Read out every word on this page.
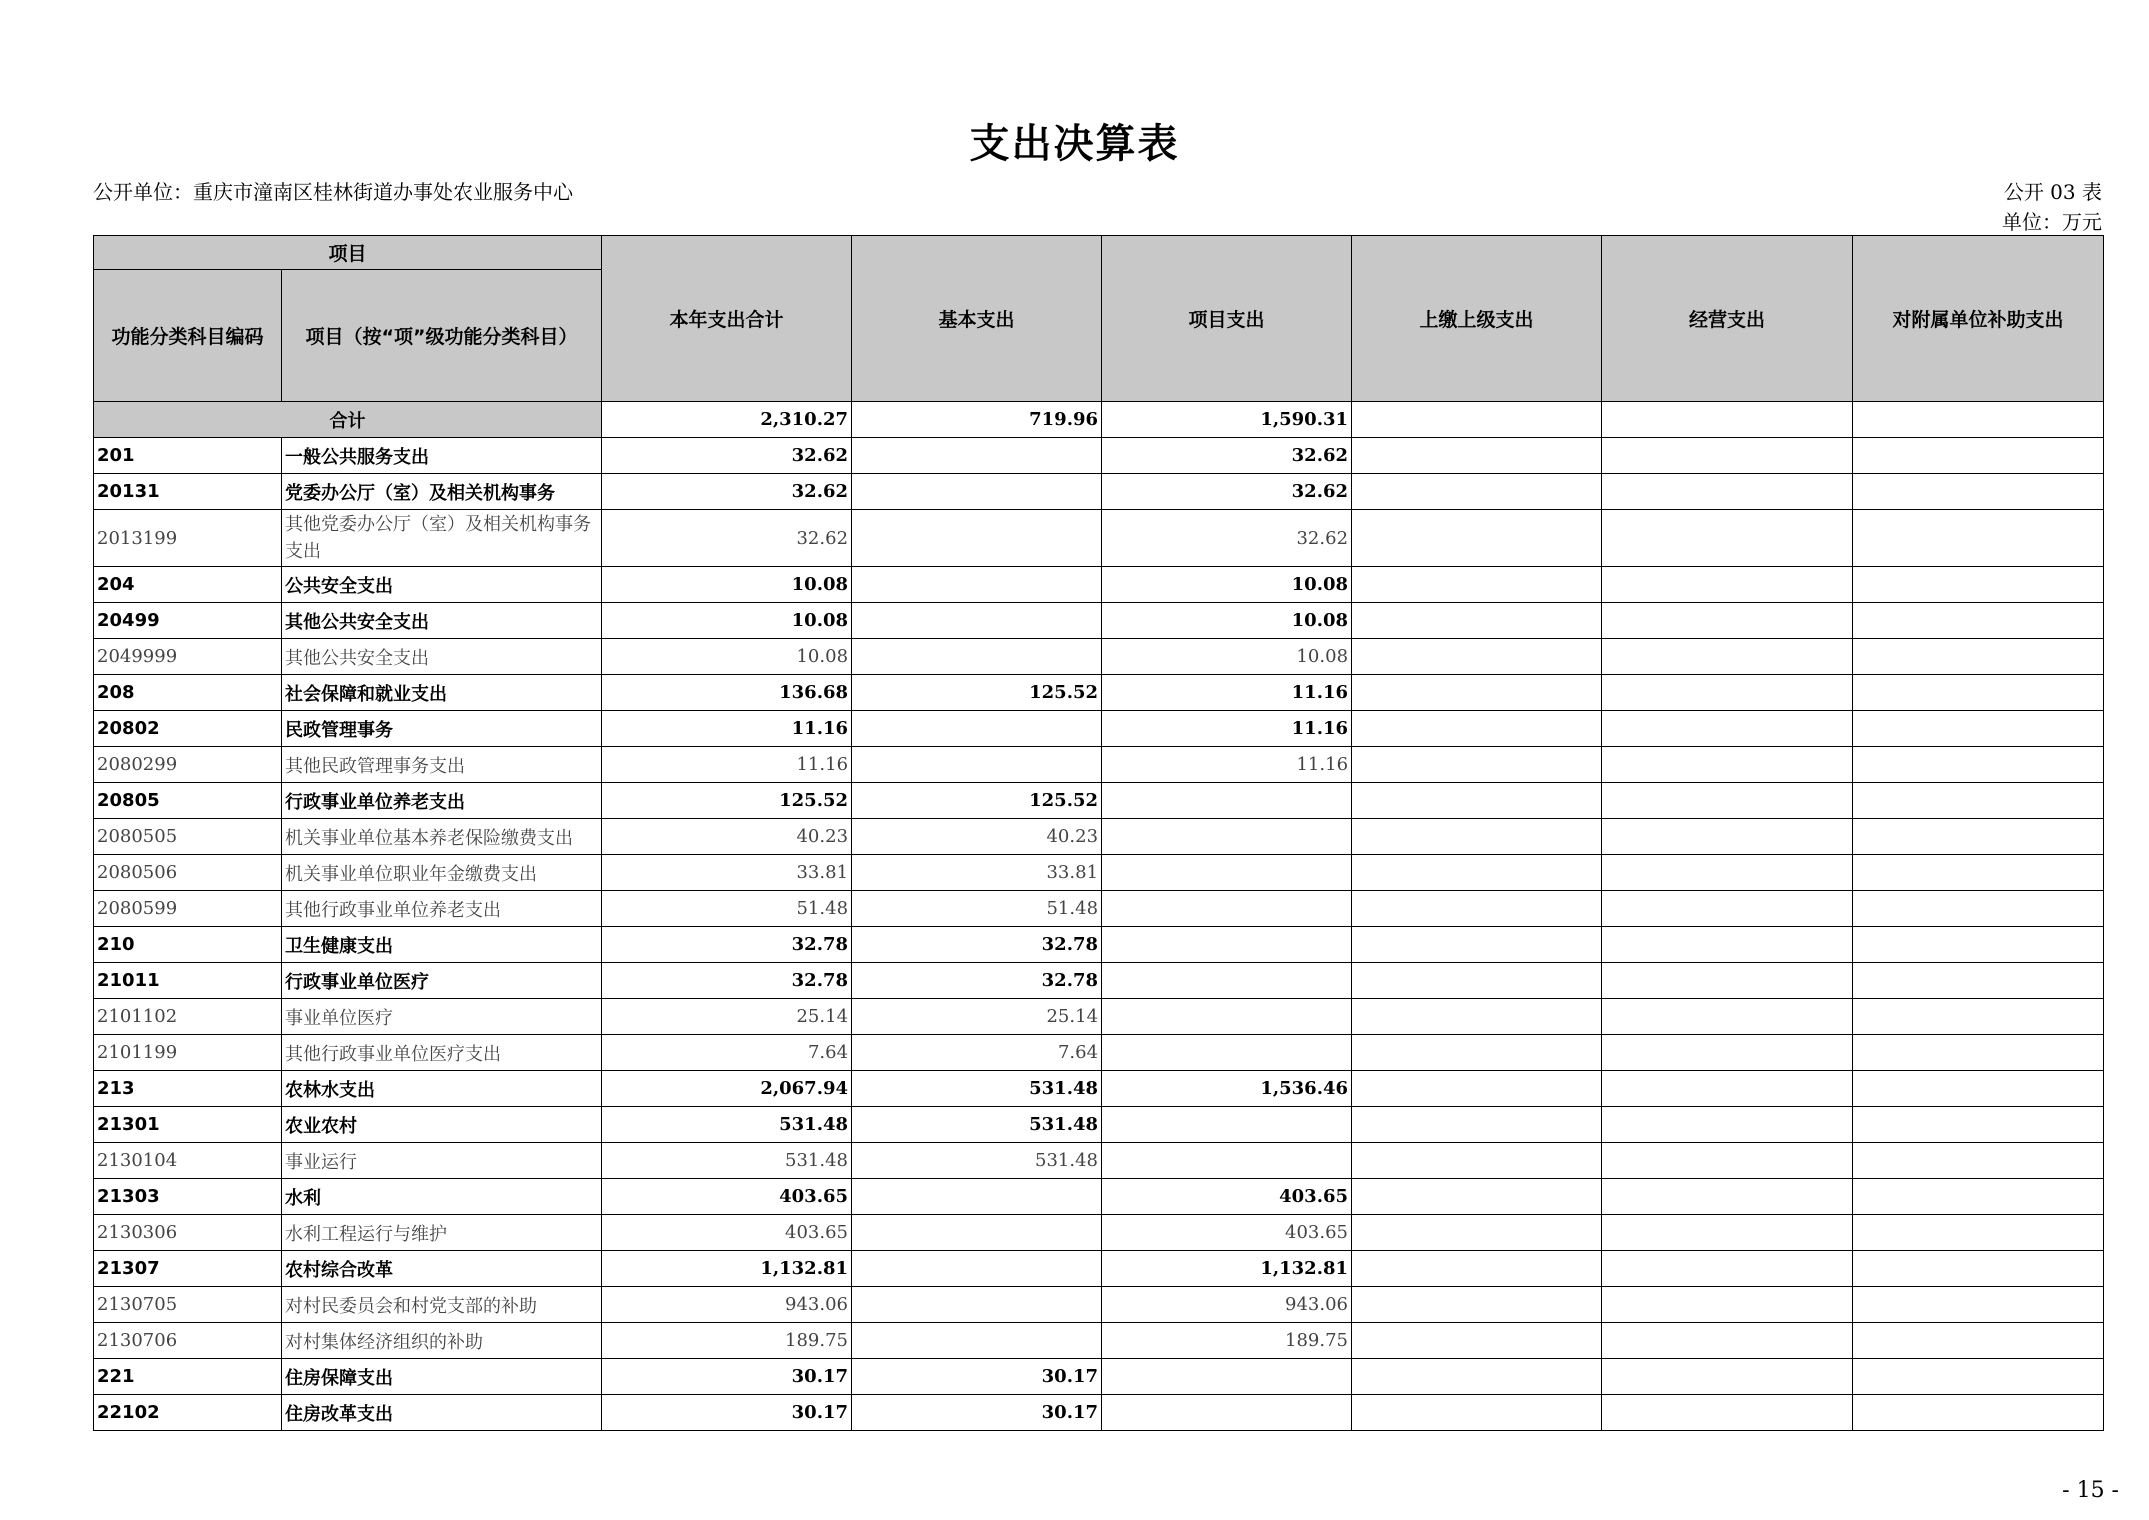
支出决算表
公开单位：重庆市潼南区桂林街道办事处农业服务中心	公开 03 表
单位：万元
项目		本年支出合计	基本支出	项目支出	上缴上级支出	经营支出	对附属单位补助支出
功能分类科目编码	项目（按“项”级功能分类科目）						
合计		2,310.27	719.96	1,590.31			
201	一般公共服务支出	32.62		32.62			
20131	党委办公厅（室）及相关机构事务	32.62		32.62			
2013199	其他党委办公厅（室）及相关机构事务支出	32.62		32.62			
204	公共安全支出	10.08		10.08			
20499	其他公共安全支出	10.08		10.08			
2049999	其他公共安全支出	10.08		10.08			
208	社会保障和就业支出	136.68	125.52	11.16			
20802	民政管理事务	11.16		11.16			
2080299	其他民政管理事务支出	11.16		11.16			
20805	行政事业单位养老支出	125.52	125.52				
2080505	机关事业单位基本养老保险缴费支出	40.23	40.23				
2080506	机关事业单位职业年金缴费支出	33.81	33.81				
2080599	其他行政事业单位养老支出	51.48	51.48				
210	卫生健康支出	32.78	32.78				
21011	行政事业单位医疗	32.78	32.78				
2101102	事业单位医疗	25.14	25.14				
2101199	其他行政事业单位医疗支出	7.64	7.64				
213	农林水支出	2,067.94	531.48	1,536.46			
21301	农业农村	531.48	531.48				
2130104	事业运行	531.48	531.48				
21303	水利	403.65		403.65			
2130306	水利工程运行与维护	403.65		403.65			
21307	农村综合改革	1,132.81		1,132.81			
2130705	对村民委员会和村党支部的补助	943.06		943.06			
2130706	对村集体经济组织的补助	189.75		189.75			
221	住房保障支出	30.17	30.17				
22102	住房改革支出	30.17	30.17				
- 15 -
